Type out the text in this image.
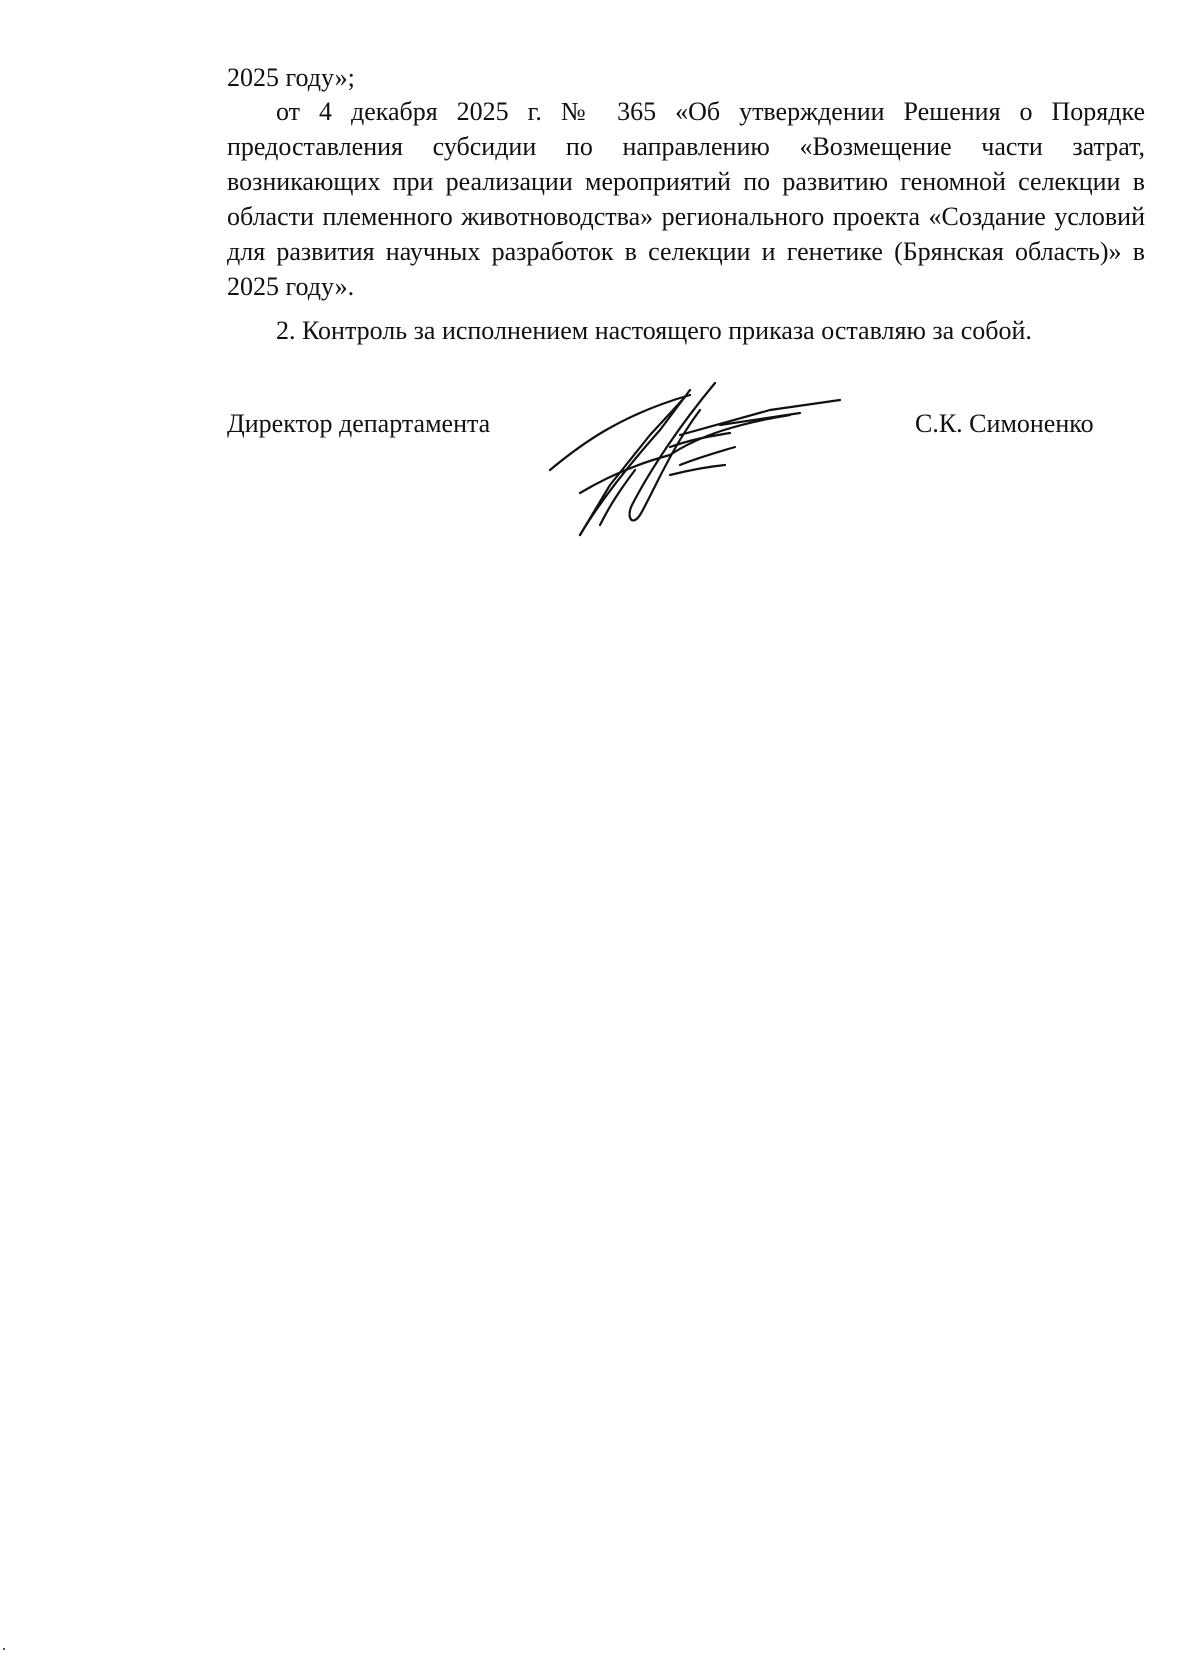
2025 году»;
от 4 декабря 2025 г. № 365 «Об утверждении Решения о Порядке предоставления субсидии по направлению «Возмещение части затрат, возникающих при реализации мероприятий по развитию геномной селекции в области племенного животноводства» регионального проекта «Создание условий для развития научных разработок в селекции и генетике (Брянская область)» в 2025 году».
2. Контроль за исполнением настоящего приказа оставляю за собой.
Директор департамента	С.К. Симоненко
